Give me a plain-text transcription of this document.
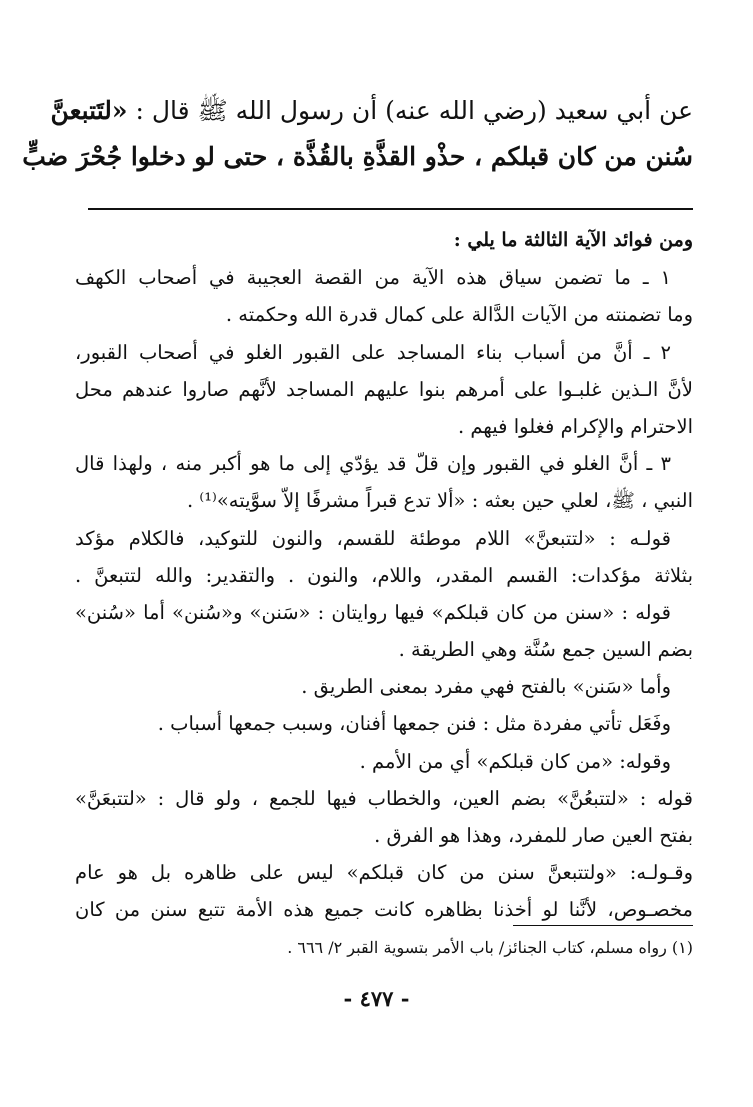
عن أبي سعيد (رضي الله عنه) أن رسول الله ﷺ قال : «لتَتبعنَّ
سُنن من كان قبلكم ، حذْو القذَّةِ بالقُذَّة ، حتى لو دخلوا جُحْرَ ضبٍّ
ومن فوائد الآية الثالثة ما يلي :
١ ـ ما تضمن سياق هذه الآية من القصة العجيبة في أصحاب الكهف
وما تضمنته من الآيات الدَّالة على كمال قدرة الله وحكمته .
٢ ـ أنَّ من أسباب بناء المساجد على القبور الغلو في أصحاب القبور،
لأنَّ الـذين غلبـوا على أمرهم بنوا عليهم المساجد لأنَّهم صاروا عندهم محل
الاحترام والإكرام فغلوا فيهم .
٣ ـ أنَّ الغلو في القبور وإن قلّ قد يؤدّي إلى ما هو أكبر منه ، ولهذا قال
النبي ، ﷺ، لعلي حين بعثه : «ألا تدع قبراً مشرفًا إلاّ سوَّيته»⁽¹⁾ .
قولـه : «لتتبعنَّ» اللام موطئة للقسم، والنون للتوكيد، فالكلام مؤكد
بثلاثة مؤكدات: القسم المقدر، واللام، والنون . والتقدير: والله لتتبعنَّ .
قوله : «سنن من كان قبلكم» فيها روايتان : «سَنن» و«سُنن» أما «سُنن»
بضم السين جمع سُنَّة وهي الطريقة .
وأما «سَنن» بالفتح فهي مفرد بمعنى الطريق .
وفَعَل تأتي مفردة مثل : فنن جمعها أفنان، وسبب جمعها أسباب .
وقوله: «من كان قبلكم» أي من الأمم .
قوله : «لتتبعُنَّ» بضم العين، والخطاب فيها للجمع ، ولو قال : «لتتبعَنَّ»
بفتح العين صار للمفرد، وهذا هو الفرق .
وقـولـه: «ولتتبعنَّ سنن من كان قبلكم» ليس على ظاهره بل هو عام
مخصـوص، لأنَّنا لو أخذنا بظاهره كانت جميع هذه الأمة تتبع سنن من كان
(١) رواه مسلم، كتاب الجنائز/ باب الأمر بتسوية القبر ٢/ ٦٦٦ .
- ٤٧٧ -
